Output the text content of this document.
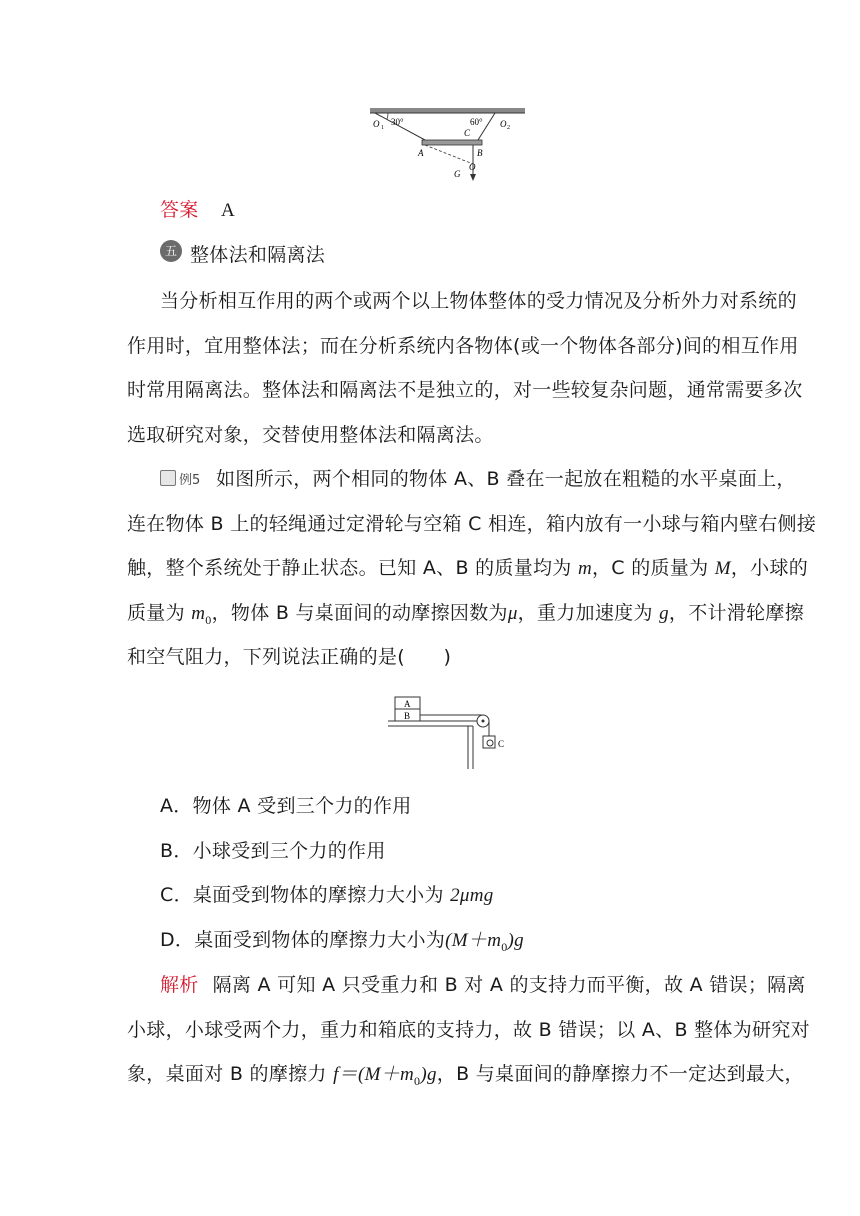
O 1
30°	60° O 2
C
A	B
O
G
答案 A
五 整体法和隔离法
当分析相互作用的两个或两个以上物体整体的受力情况及分析外力对系统的
作用时，宜用整体法；而在分析系统内各物体(或一个物体各部分)间的相互作用
时常用隔离法。整体法和隔离法不是独立的，对一些较复杂问题，通常需要多次
选取研究对象，交替使用整体法和隔离法。
例5 如图所示，两个相同的物体 A、B 叠在一起放在粗糙的水平桌面上，
连在物体 B 上的轻绳通过定滑轮与空箱 C 相连，箱内放有一小球与箱内壁右侧接
触，整个系统处于静止状态。已知 A、B 的质量均为 m，C 的质量为 M，小球的
质量为 $m_0$，物体 B 与桌面间的动摩擦因数为μ，重力加速度为 g，不计滑轮摩擦
和空气阻力，下列说法正确的是(　　)
A
B
C
A．物体 A 受到三个力的作用
B．小球受到三个力的作用
C．桌面受到物体的摩擦力大小为 2μmg
D．桌面受到物体的摩擦力大小为$(M+m_0)g$
解析 隔离 A 可知 A 只受重力和 B 对 A 的支持力而平衡，故 A 错误；隔离
小球，小球受两个力，重力和箱底的支持力，故 B 错误；以 A、B 整体为研究对
象，桌面对 B 的摩擦力 $f=(M+m_0)g$，B 与桌面间的静摩擦力不一定达到最大，
